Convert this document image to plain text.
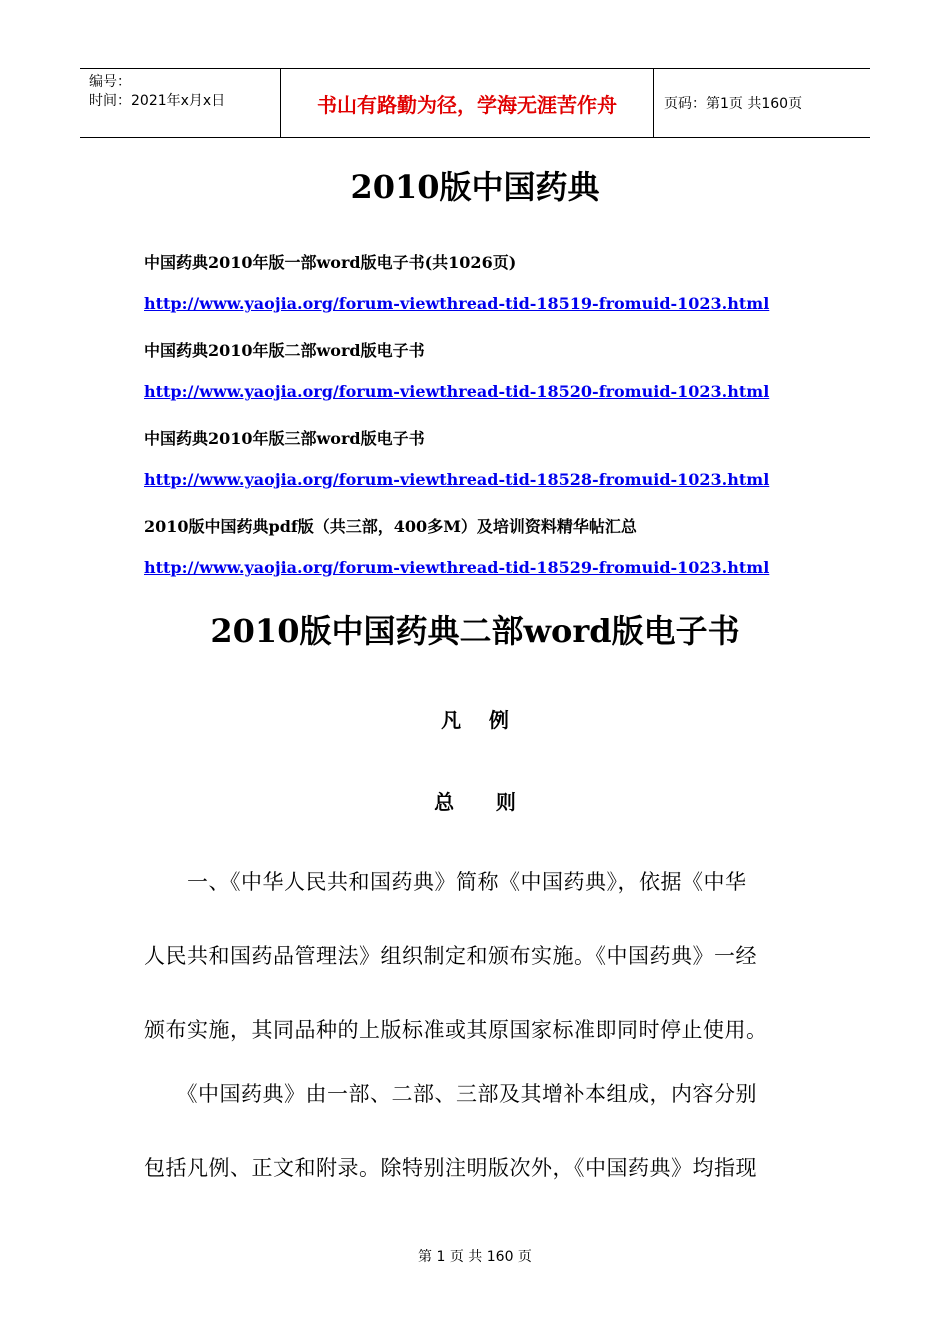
编号：
时间：2021年x月x日	书山有路勤为径，学海无涯苦作舟	页码：第1页 共160页
2010版中国药典
中国药典2010年版一部word版电子书(共1026页)
http://www.yaojia.org/forum-viewthread-tid-18519-fromuid-1023.html
中国药典2010年版二部word版电子书
http://www.yaojia.org/forum-viewthread-tid-18520-fromuid-1023.html
中国药典2010年版三部word版电子书
http://www.yaojia.org/forum-viewthread-tid-18528-fromuid-1023.html
2010版中国药典pdf版（共三部，400多M）及培训资料精华帖汇总
http://www.yaojia.org/forum-viewthread-tid-18529-fromuid-1023.html
2010版中国药典二部word版电子书
凡    例
总      则
　　一、《中华人民共和国药典》简称《中国药典》，依据《中华
人民共和国药品管理法》组织制定和颁布实施。《中国药典》一经
颁布实施，其同品种的上版标准或其原国家标准即同时停止使用。
　　《中国药典》由一部、二部、三部及其增补本组成，内容分别
包括凡例、正文和附录。除特别注明版次外，《中国药典》均指现
第 1 页 共 160 页
